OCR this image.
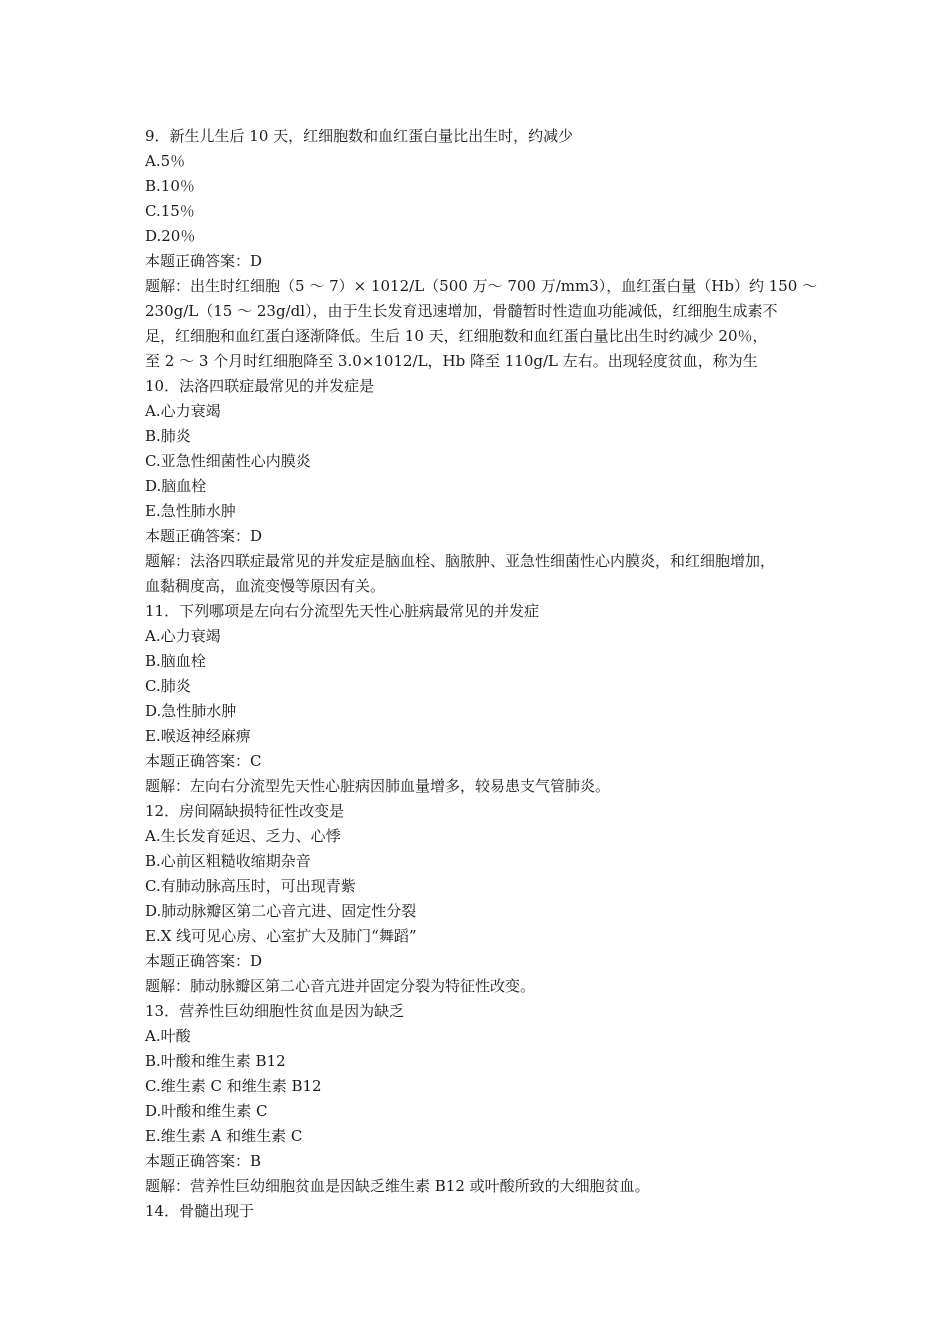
9．新生儿生后 10 天，红细胞数和血红蛋白量比出生时，约减少
A.5％
B.10％
C.15％
D.20％
本题正确答案：D
题解：出生时红细胞（5 ～ 7）× 1012/L（500 万～ 700 万/mm3），血红蛋白量（Hb）约 150 ～
230g/L（15 ～ 23g/dl），由于生长发育迅速增加，骨髓暂时性造血功能减低，红细胞生成素不
足，红细胞和血红蛋白逐渐降低。生后 10 天，红细胞数和血红蛋白量比出生时约减少 20％，
至 2 ～ 3 个月时红细胞降至 3.0×1012/L，Hb 降至 110g/L 左右。出现轻度贫血，称为生
10．法洛四联症最常见的并发症是
A.心力衰竭
B.肺炎
C.亚急性细菌性心内膜炎
D.脑血栓
E.急性肺水肿
本题正确答案：D
题解：法洛四联症最常见的并发症是脑血栓、脑脓肿、亚急性细菌性心内膜炎，和红细胞增加，
血黏稠度高，血流变慢等原因有关。
11．下列哪项是左向右分流型先天性心脏病最常见的并发症
A.心力衰竭
B.脑血栓
C.肺炎
D.急性肺水肿
E.喉返神经麻痹
本题正确答案：C
题解：左向右分流型先天性心脏病因肺血量增多，较易患支气管肺炎。
12．房间隔缺损特征性改变是
A.生长发育延迟、乏力、心悸
B.心前区粗糙收缩期杂音
C.有肺动脉高压时，可出现青紫
D.肺动脉瓣区第二心音亢进、固定性分裂
E.X 线可见心房、心室扩大及肺门“舞蹈”
本题正确答案：D
题解：肺动脉瓣区第二心音亢进并固定分裂为特征性改变。
13．营养性巨幼细胞性贫血是因为缺乏
A.叶酸
B.叶酸和维生素 B12
C.维生素 C 和维生素 B12
D.叶酸和维生素 C
E.维生素 A 和维生素 C
本题正确答案：B
题解：营养性巨幼细胞贫血是因缺乏维生素 B12 或叶酸所致的大细胞贫血。
14．骨髓出现于
